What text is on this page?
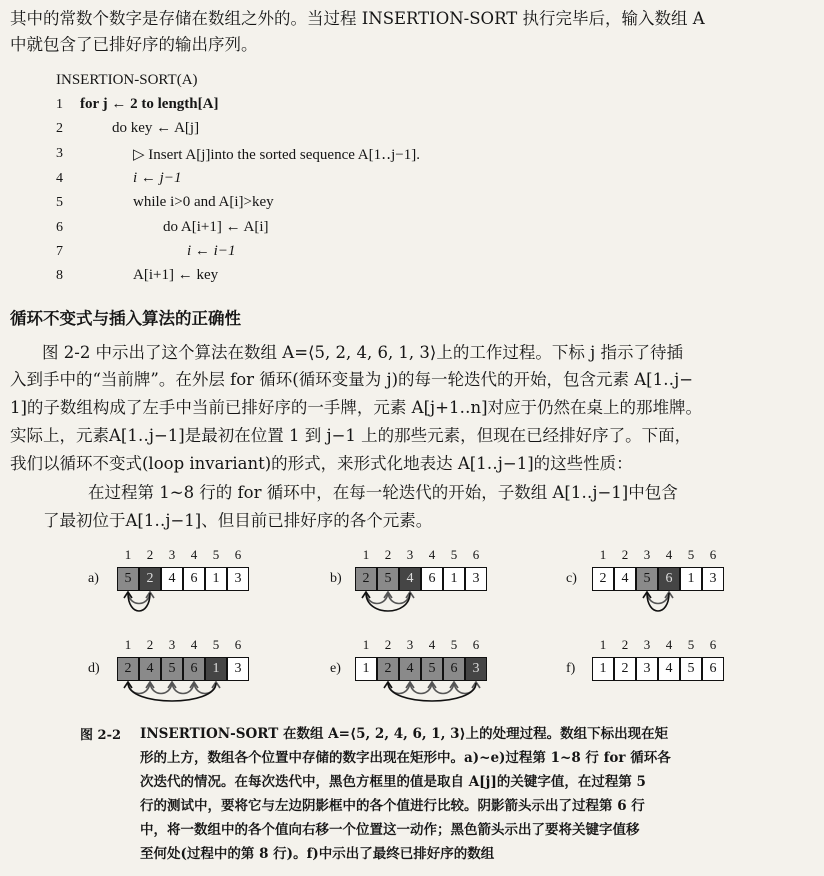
其中的常数个数字是存储在数组之外的。当过程 INSERTION-SORT 执行完毕后，输入数组 A
中就包含了已排好序的输出序列。
INSERTION-SORT(A)
1 for j ← 2 to length[A]
2	do key ← A[j]
3	▷ Insert A[j]into the sorted sequence A[1‥j−1].
4	i ← j−1
5	while i>0 and A[i]>key
6	do A[i+1] ← A[i]
7	i ← i−1
8	A[i+1] ← key
循环不变式与插入算法的正确性
图 2-2 中示出了这个算法在数组 A=⟨5, 2, 4, 6, 1, 3⟩上的工作过程。下标 j 指示了待插
入到手中的“当前牌”。在外层 for 循环(循环变量为 j)的每一轮迭代的开始，包含元素 A[1‥j−
1]的子数组构成了左手中当前已排好序的一手牌，元素 A[j+1‥n]对应于仍然在桌上的那堆牌。
实际上，元素A[1‥j−1]是最初在位置 1 到 j−1 上的那些元素，但现在已经排好序了。下面，
我们以循环不变式(loop invariant)的形式，来形式化地表达 A[1‥j−1]的这些性质：
在过程第 1~8 行的 for 循环中，在每一轮迭代的开始，子数组 A[1‥j−1]中包含
了最初位于A[1‥j−1]、但目前已排好序的各个元素。
a)
1
5
2
2
3
4
4
6
5
1
6
3	b)
1
2
2
5
3
4
4
6
5
1
6
3	c)
1
2
2
4
3
5
4
6
5
1
6
3
d)
1
2
2
4
3
5
4
6
5
1
6
3	e)
1
1
2
2
3
4
4
5
5
6
6
3	f)
1
1
2
2
3
3
4
4
5
5
6
6
图 2-2 INSERTION-SORT 在数组 A=⟨5, 2, 4, 6, 1, 3⟩上的处理过程。数组下标出现在矩
形的上方，数组各个位置中存储的数字出现在矩形中。a)~e)过程第 1~8 行 for 循环各
次迭代的情况。在每次迭代中，黑色方框里的值是取自 A[j]的关键字值，在过程第 5
行的测试中，要将它与左边阴影框中的各个值进行比较。阴影箭头示出了过程第 6 行
中，将一数组中的各个值向右移一个位置这一动作；黑色箭头示出了要将关键字值移
至何处(过程中的第 8 行)。f)中示出了最终已排好序的数组
